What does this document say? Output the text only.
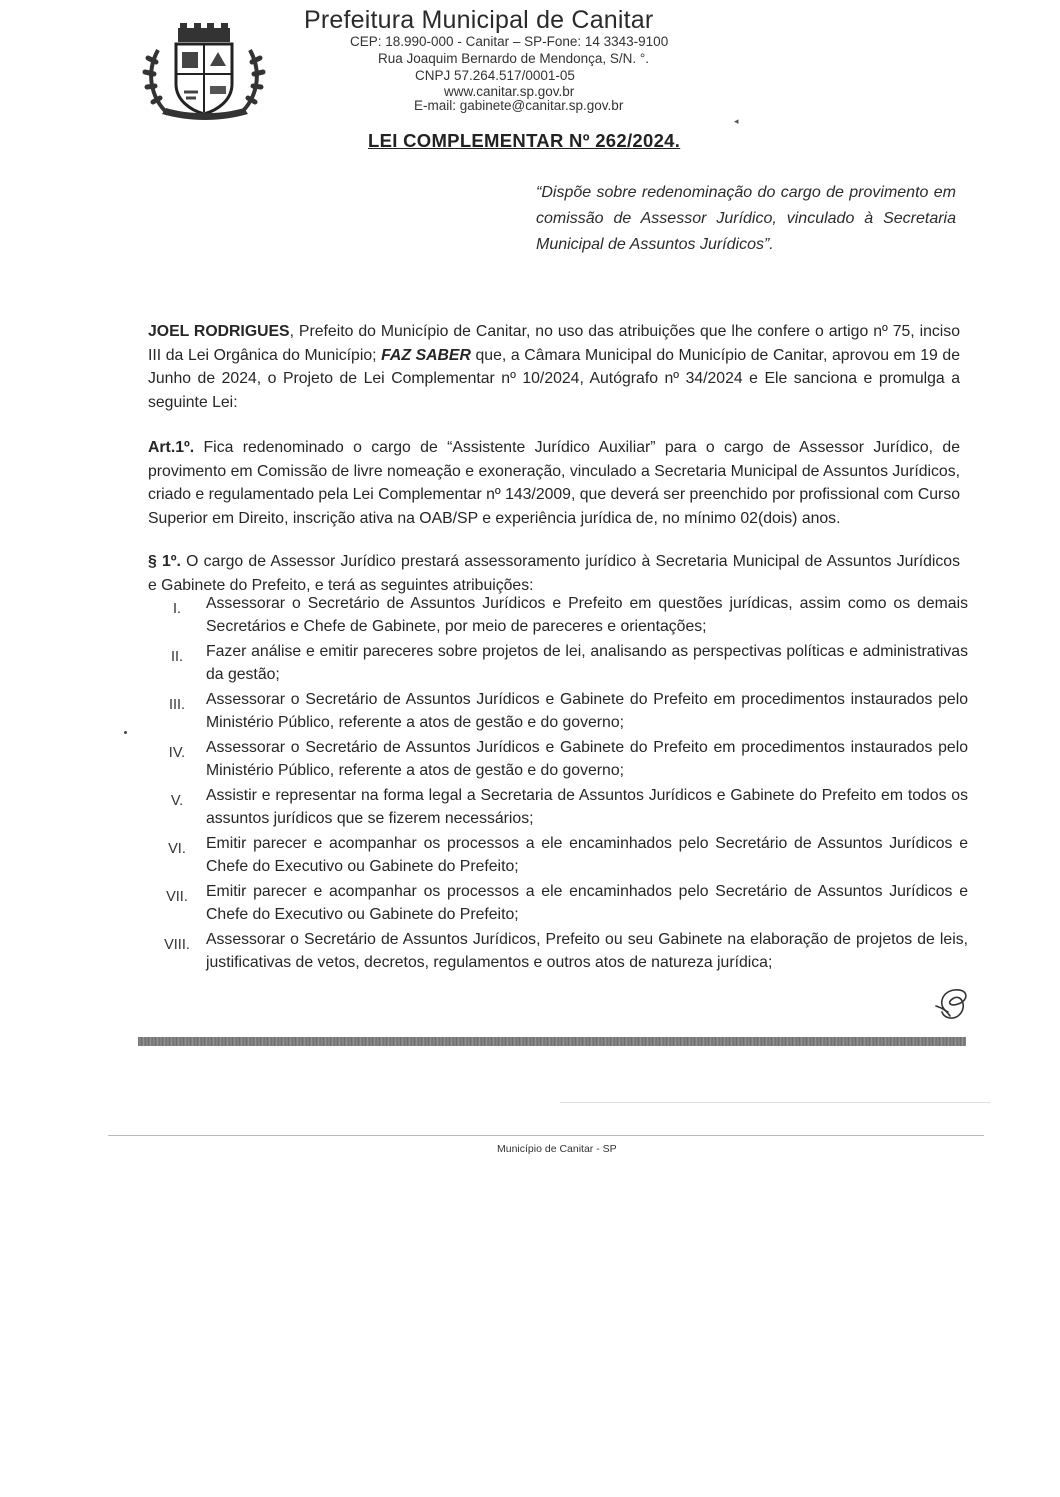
Prefeitura Municipal de Canitar
CEP: 18.990-000 - Canitar – SP-Fone: 14 3343-9100
Rua Joaquim Bernardo de Mendonça, S/N. °.
CNPJ 57.264.517/0001-05
www.canitar.sp.gov.br
E-mail: gabinete@canitar.sp.gov.br
LEI COMPLEMENTAR Nº 262/2024.
◂
“Dispõe sobre redenominação do cargo de provimento em comissão de Assessor Jurídico, vinculado à Secretaria Municipal de Assuntos Jurídicos”.
JOEL RODRIGUES, Prefeito do Município de Canitar, no uso das atribuições que lhe confere o artigo nº 75, inciso III da Lei Orgânica do Município; FAZ SABER que, a Câmara Municipal do Município de Canitar, aprovou em 19 de Junho de 2024, o Projeto de Lei Complementar nº 10/2024, Autógrafo nº 34/2024 e Ele sanciona e promulga a seguinte Lei:
Art.1º. Fica redenominado o cargo de “Assistente Jurídico Auxiliar” para o cargo de Assessor Jurídico, de provimento em Comissão de livre nomeação e exoneração, vinculado a Secretaria Municipal de Assuntos Jurídicos, criado e regulamentado pela Lei Complementar nº 143/2009, que deverá ser preenchido por profissional com Curso Superior em Direito, inscrição ativa na OAB/SP e experiência jurídica de, no mínimo 02(dois) anos.
§ 1º. O cargo de Assessor Jurídico prestará assessoramento jurídico à Secretaria Municipal de Assuntos Jurídicos e Gabinete do Prefeito, e terá as seguintes atribuições:
I.	Assessorar o Secretário de Assuntos Jurídicos e Prefeito em questões jurídicas, assim como os demais Secretários e Chefe de Gabinete, por meio de pareceres e orientações;
II.	Fazer análise e emitir pareceres sobre projetos de lei, analisando as perspectivas políticas e administrativas da gestão;
III.	Assessorar o Secretário de Assuntos Jurídicos e Gabinete do Prefeito em procedimentos instaurados pelo Ministério Público, referente a atos de gestão e do governo;
IV.	Assessorar o Secretário de Assuntos Jurídicos e Gabinete do Prefeito em procedimentos instaurados pelo Ministério Público, referente a atos de gestão e do governo;
V.	Assistir e representar na forma legal a Secretaria de Assuntos Jurídicos e Gabinete do Prefeito em todos os assuntos jurídicos que se fizerem necessários;
VI.	Emitir parecer e acompanhar os processos a ele encaminhados pelo Secretário de Assuntos Jurídicos e Chefe do Executivo ou Gabinete do Prefeito;
VII.	Emitir parecer e acompanhar os processos a ele encaminhados pelo Secretário de Assuntos Jurídicos e Chefe do Executivo ou Gabinete do Prefeito;
VIII.	Assessorar o Secretário de Assuntos Jurídicos, Prefeito ou seu Gabinete na elaboração de projetos de leis, justificativas de vetos, decretos, regulamentos e outros atos de natureza jurídica;
Município de Canitar - SP
